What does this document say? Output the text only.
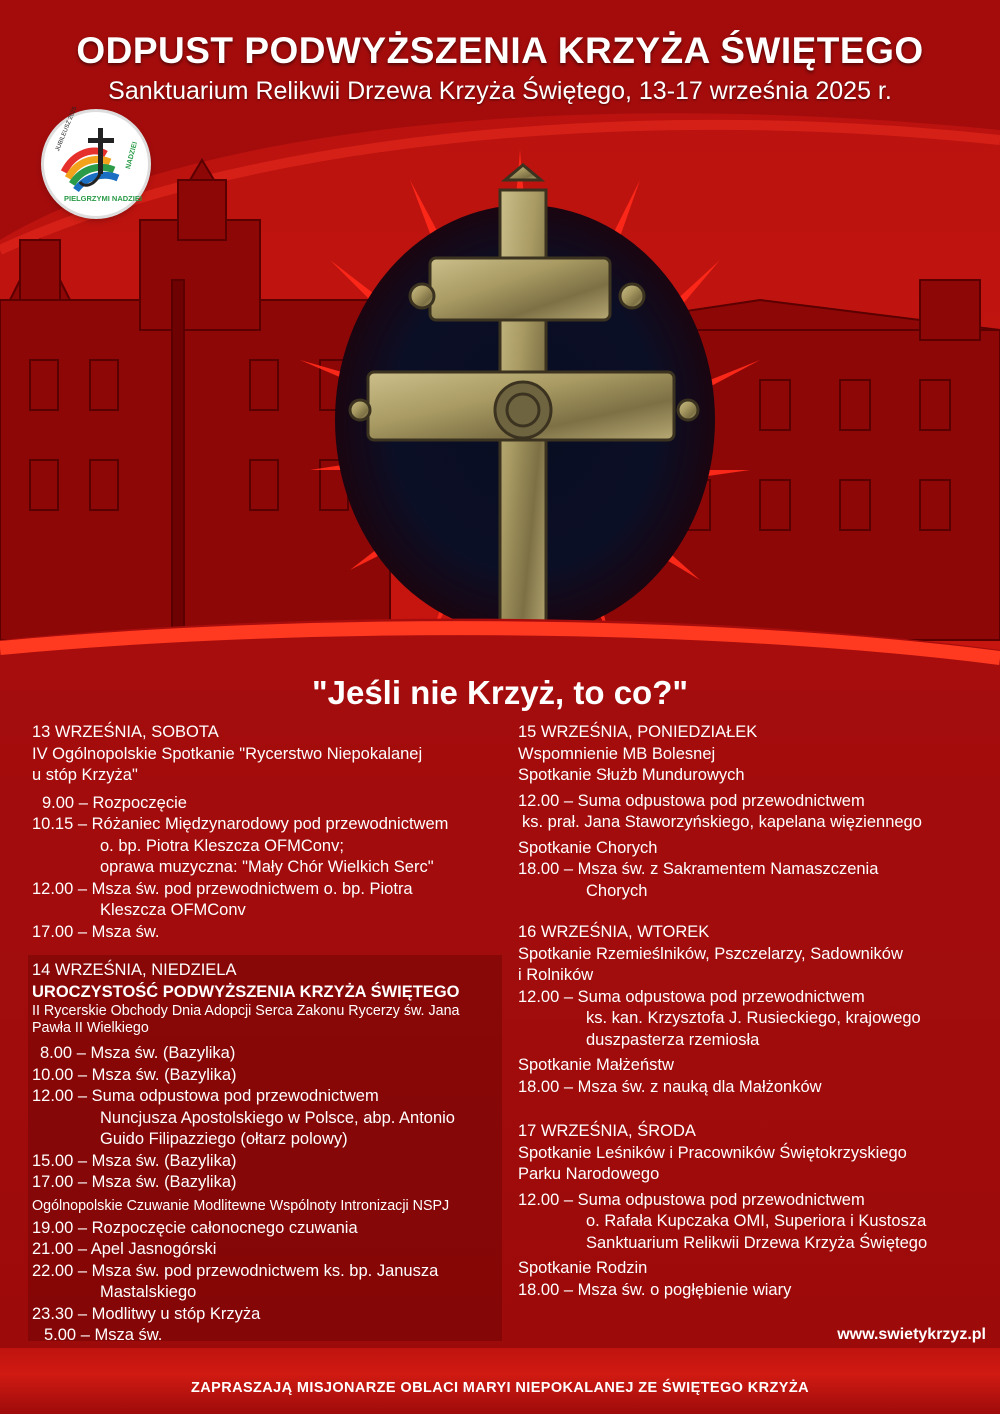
JUBILEUSZ 2025
NADZIEI
PIELGRZYMI NADZIEI
ODPUST PODWYŻSZENIA KRZYŻA ŚWIĘTEGO
Sanktuarium Relikwii Drzewa Krzyża Świętego, 13-17 września 2025 r.
"Jeśli nie Krzyż, to co?"
13 WRZEŚNIA, SOBOTA
IV Ogólnopolskie Spotkanie "Rycerstwo Niepokalanej
u stóp Krzyża"
9.00 – Rozpoczęcie
10.15 – Różaniec Międzynarodowy pod przewodnictwem
o. bp. Piotra Kleszcza OFMConv;
oprawa muzyczna: "Mały Chór Wielkich Serc"
12.00 – Msza św. pod przewodnictwem o. bp. Piotra
Kleszcza OFMConv
17.00 – Msza św.
14 WRZEŚNIA, NIEDZIELA
UROCZYSTOŚĆ PODWYŻSZENIA KRZYŻA ŚWIĘTEGO
II Rycerskie Obchody Dnia Adopcji Serca Zakonu Rycerzy św. Jana
Pawła II Wielkiego
8.00 – Msza św. (Bazylika)
10.00 – Msza św. (Bazylika)
12.00 – Suma odpustowa pod przewodnictwem
Nuncjusza Apostolskiego w Polsce, abp. Antonio
Guido Filipazziego (ołtarz polowy)
15.00 – Msza św. (Bazylika)
17.00 – Msza św. (Bazylika)
Ogólnopolskie Czuwanie Modlitewne Wspólnoty Intronizacji NSPJ
19.00 – Rozpoczęcie całonocnego czuwania
21.00 – Apel Jasnogórski
22.00 – Msza św. pod przewodnictwem ks. bp. Janusza
Mastalskiego
23.30 – Modlitwy u stóp Krzyża
5.00 – Msza św.
15 WRZEŚNIA, PONIEDZIAŁEK
Wspomnienie MB Bolesnej
Spotkanie Służb Mundurowych
12.00 – Suma odpustowa pod przewodnictwem
ks. prał. Jana Staworzyńskiego, kapelana więziennego
Spotkanie Chorych
18.00 – Msza św. z Sakramentem Namaszczenia
Chorych
16 WRZEŚNIA, WTOREK
Spotkanie Rzemieślników, Pszczelarzy, Sadowników
i Rolników
12.00 – Suma odpustowa pod przewodnictwem
ks. kan. Krzysztofa J. Rusieckiego, krajowego
duszpasterza rzemiosła
Spotkanie Małżeństw
18.00 – Msza św. z nauką dla Małżonków
17 WRZEŚNIA, ŚRODA
Spotkanie Leśników i Pracowników Świętokrzyskiego
Parku Narodowego
12.00 – Suma odpustowa pod przewodnictwem
o. Rafała Kupczaka OMI, Superiora i Kustosza
Sanktuarium Relikwii Drzewa Krzyża Świętego
Spotkanie Rodzin
18.00 – Msza św. o pogłębienie wiary
www.swietykrzyz.pl
ZAPRASZAJĄ MISJONARZE OBLACI MARYI NIEPOKALANEJ ZE ŚWIĘTEGO KRZYŻA
